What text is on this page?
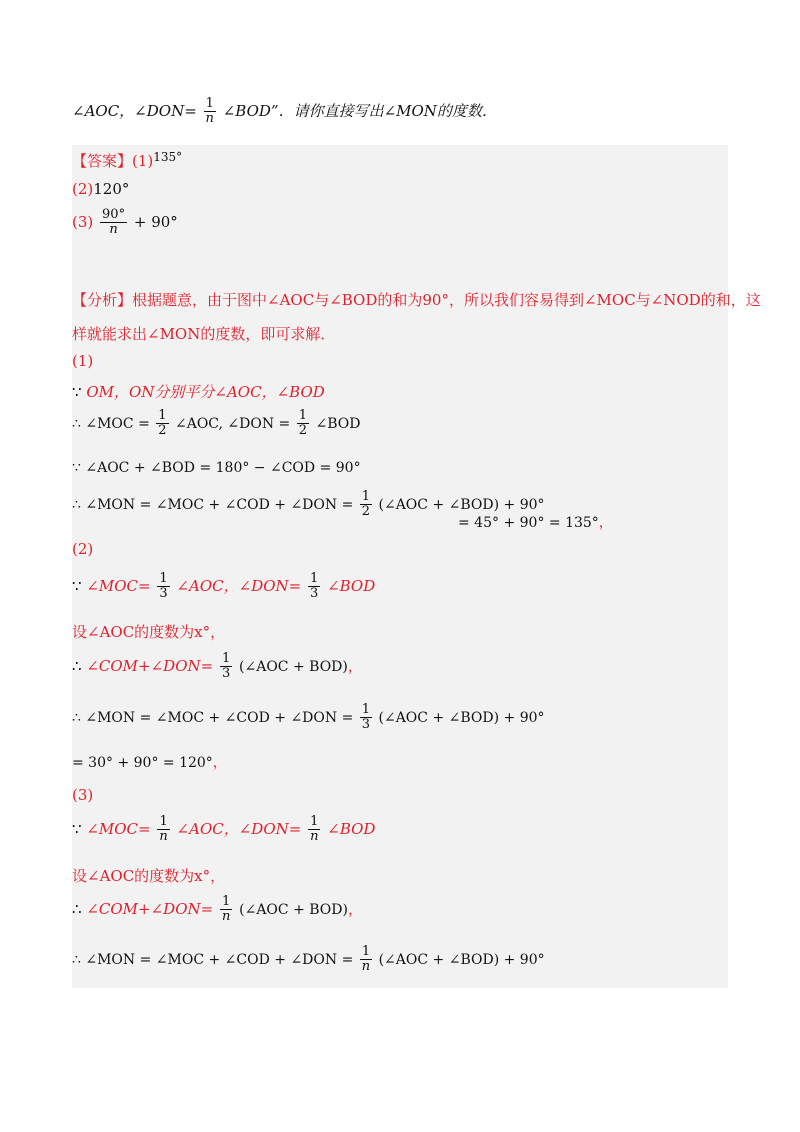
∠AOC，∠DON= $\frac{1}{n}$ ∠BOD”．请你直接写出∠MON的度数．
【答案】$(1)^{135^\circ}$
(2)120°
$(3) \frac{90^\circ}{n} + 90^\circ$
【分析】根据题意，由于图中∠AOC与∠BOD的和为90°，所以我们容易得到∠MOC与∠NOD的和，这
样就能求出∠MON的度数，即可求解．
(1)
∵ OM，ON分别平分∠AOC，∠BOD
∴ ∠MOC = $\frac{1}{2}$ ∠AOC, ∠DON = $\frac{1}{2}$ ∠BOD
∵ ∠AOC + ∠BOD = 180° − ∠COD = 90°
∴ ∠MON = ∠MOC + ∠COD + ∠DON = $\frac{1}{2}$ (∠AOC + ∠BOD) + 90°
= 45° + 90° = 135°，
(2)
∵ ∠MOC= $\frac{1}{3}$ ∠AOC，∠DON= $\frac{1}{3}$ ∠BOD
设∠AOC的度数为x°，
∴ ∠COM+∠DON= $\frac{1}{3}$ (∠AOC + BOD)，
∴ ∠MON = ∠MOC + ∠COD + ∠DON = $\frac{1}{3}$ (∠AOC + ∠BOD) + 90°
= 30° + 90° = 120°，
(3)
∵ ∠MOC= $\frac{1}{n}$ ∠AOC，∠DON= $\frac{1}{n}$ ∠BOD
设∠AOC的度数为x°，
∴ ∠COM+∠DON= $\frac{1}{n}$ (∠AOC + BOD)，
∴ ∠MON = ∠MOC + ∠COD + ∠DON = $\frac{1}{n}$ (∠AOC + ∠BOD) + 90°
